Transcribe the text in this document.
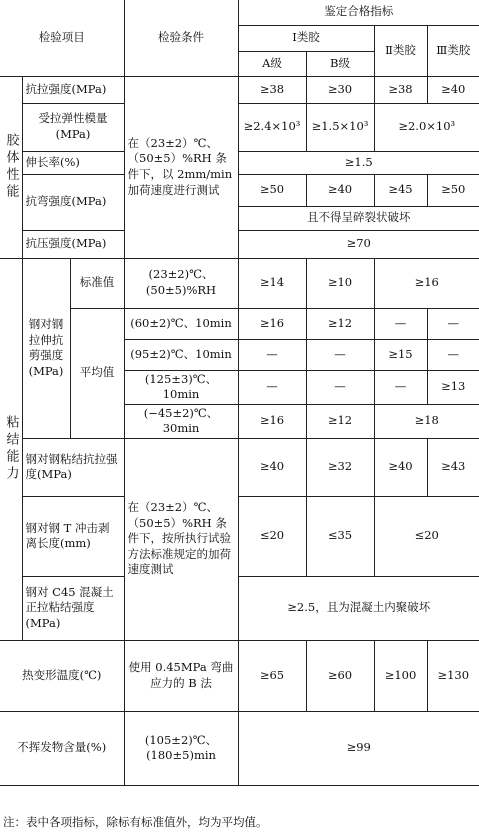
检验项目			检验条件	鉴定合格指标			
				Ⅰ类胶		Ⅱ类胶	Ⅲ类胶
				A级	B级		
胶体性能	抗拉强度(MPa)		在（23±2）℃、（50±5）%RH 条件下，以 2mm/min 加荷速度进行测试	≥38	≥30	≥38	≥40
	受拉弹性模量(MPa)			≥2.4×10³	≥1.5×10³	≥2.0×10³	
	伸长率(%)			≥1.5			
	抗弯强度(MPa)			≥50	≥40	≥45	≥50
				且不得呈碎裂状破坏			
	抗压强度(MPa)			≥70			
粘结能力	钢对钢拉伸抗剪强度(MPa)	标准值	(23±2)℃、(50±5)%RH	≥14	≥10	≥16	
		平均值	(60±2)℃、10min	≥16	≥12	—	—
			(95±2)℃、10min	—	—	≥15	—
			(125±3)℃、10min	—	—	—	≥13
			(−45±2)℃、30min	≥16	≥12	≥18	
	钢对钢粘结抗拉强度(MPa)		在（23±2）℃、（50±5）%RH 条件下，按所执行试验方法标准规定的加荷速度测试	≥40	≥32	≥40	≥43
	钢对钢 T 冲击剥离长度(mm)			≤20	≤35	≤20	
	钢对 C45 混凝土正拉粘结强度(MPa)			≥2.5，且为混凝土内聚破坏			

热变形温度(℃)			使用 0.45MPa 弯曲应力的 B 法	≥65	≥60	≥100	≥130
不挥发物含量(%)			(105±2)℃、(180±5)min	≥99			
注：表中各项指标，除标有标准值外，均为平均值。
